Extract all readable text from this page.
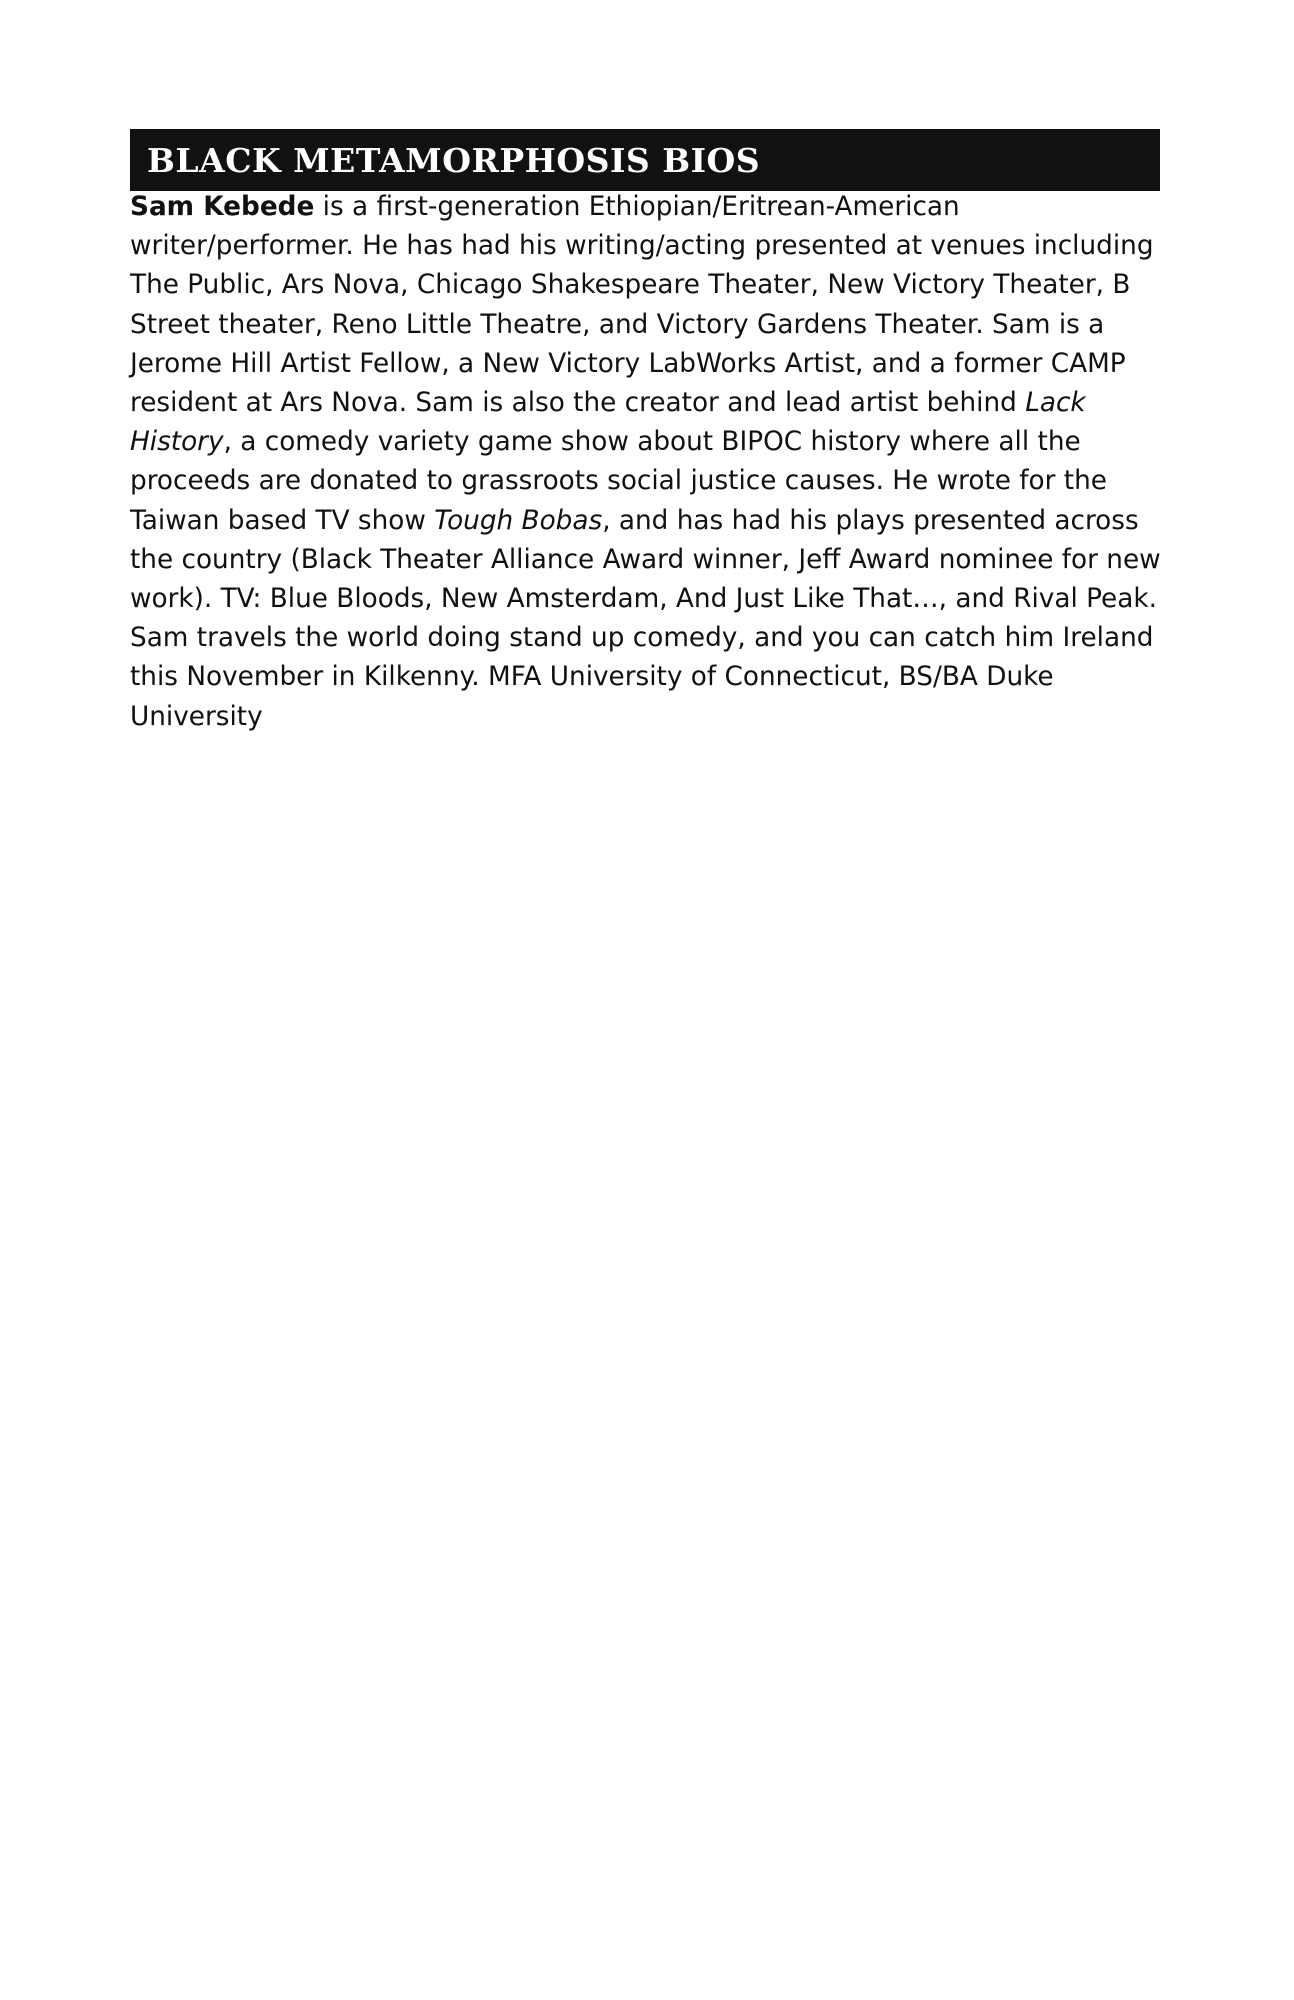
BLACK METAMORPHOSIS BIOS

Sam Kebede is a first-generation Ethiopian/Eritrean-American writer/performer. He has had his writing/acting presented at venues including The Public, Ars Nova, Chicago Shakespeare Theater, New Victory Theater, B Street theater, Reno Little Theatre, and Victory Gardens Theater. Sam is a Jerome Hill Artist Fellow, a New Victory LabWorks Artist, and a former CAMP resident at Ars Nova. Sam is also the creator and lead artist behind Lack History, a comedy variety game show about BIPOC history where all the proceeds are donated to grassroots social justice causes. He wrote for the Taiwan based TV show Tough Bobas, and has had his plays presented across the country (Black Theater Alliance Award winner, Jeff Award nominee for new work). TV: Blue Bloods, New Amsterdam, And Just Like That…, and Rival Peak. Sam travels the world doing stand up comedy, and you can catch him Ireland this November in Kilkenny. MFA University of Connecticut, BS/BA Duke University
